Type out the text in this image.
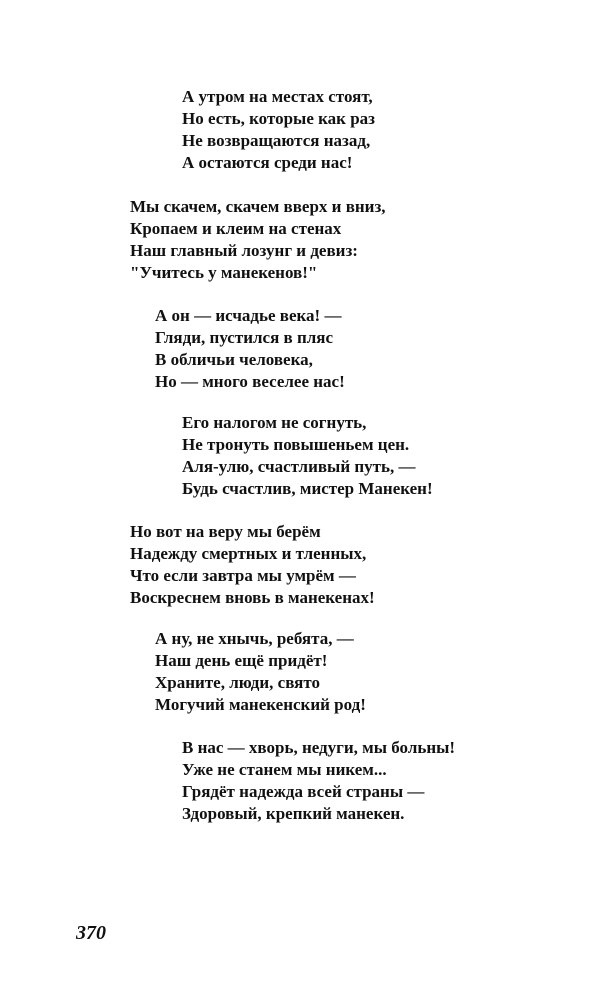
А утром на местах стоят,
Но есть, которые как раз
Не возвращаются назад,
А остаются среди нас!
Мы скачем, скачем вверх и вниз,
Кропаем и клеим на стенах
Наш главный лозунг и девиз:
"Учитесь у манекенов!"
А он — исчадье века! —
Гляди, пустился в пляс
В обличьи человека,
Но — много веселее нас!
Его налогом не согнуть,
Не тронуть повышеньем цен.
Аля-улю, счастливый путь, —
Будь счастлив, мистер Манекен!
Но вот на веру мы берём
Надежду смертных и тленных,
Что если завтра мы умрём —
Воскреснем вновь в манекенах!
А ну, не хнычь, ребята, —
Наш день ещё придёт!
Храните, люди, свято
Могучий манекенский род!
В нас — хворь, недуги, мы больны!
Уже не станем мы никем...
Грядёт надежда всей страны —
Здоровый, крепкий манекен.
370
